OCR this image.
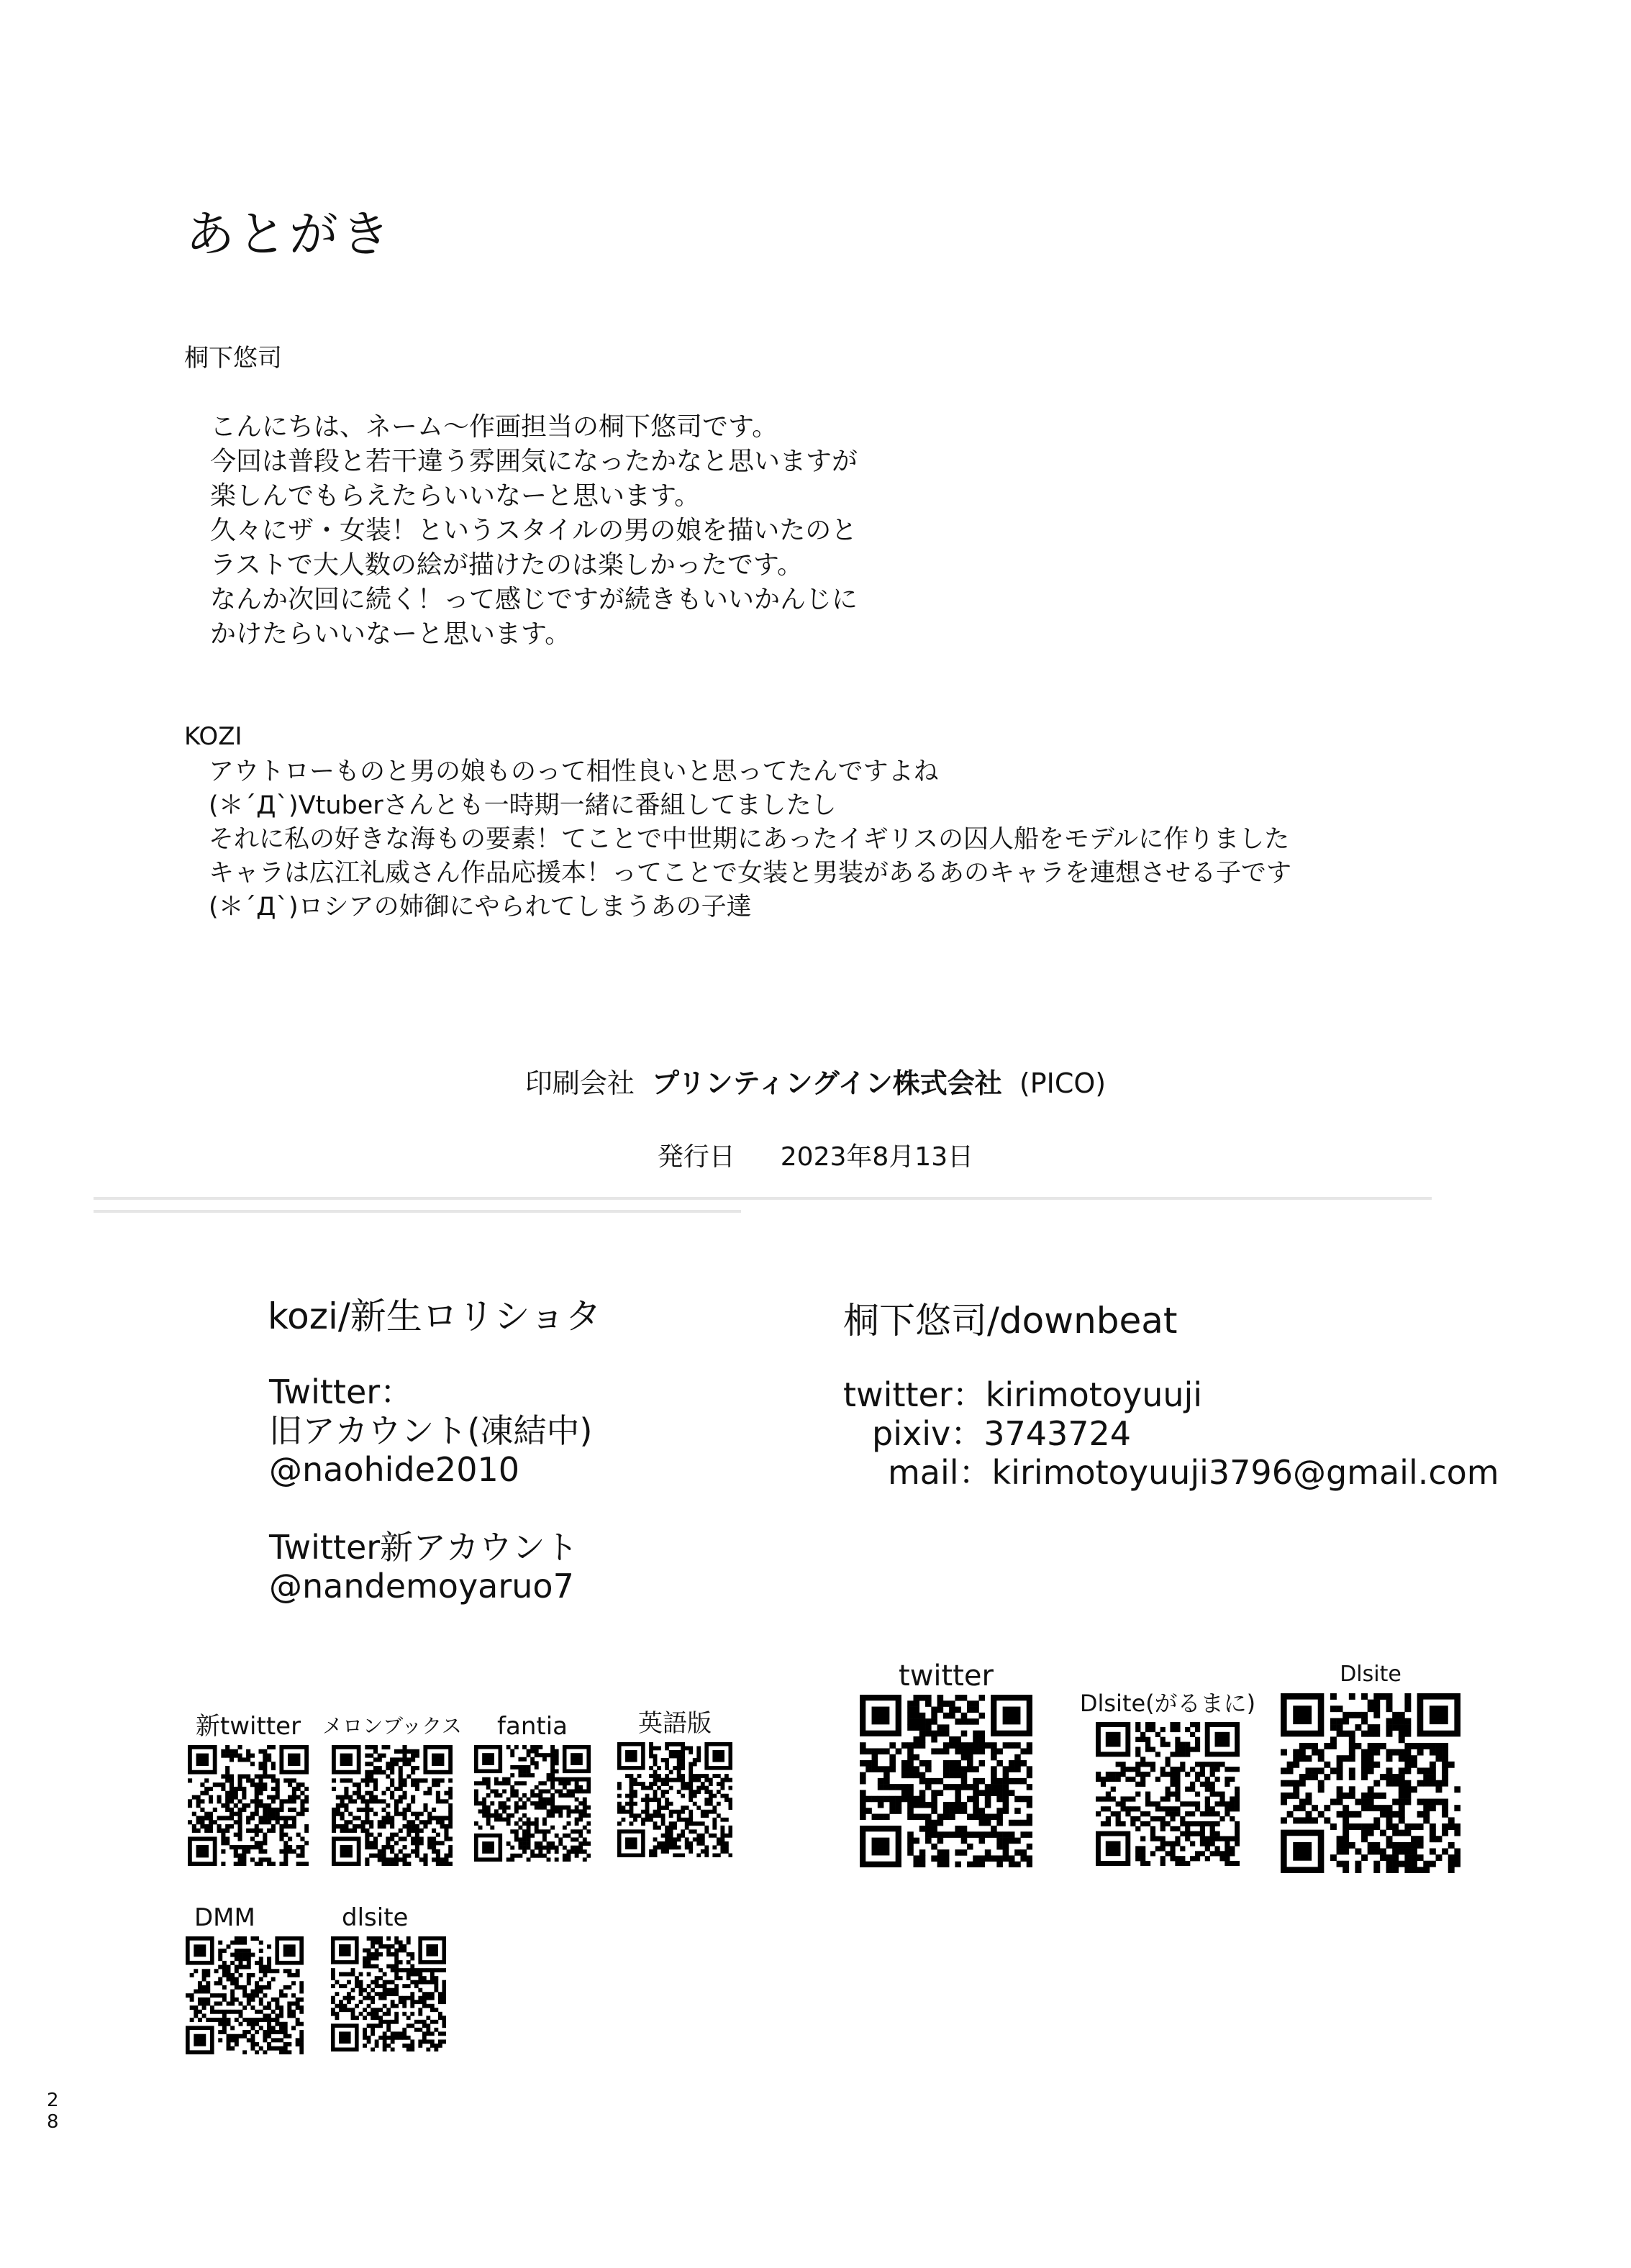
あとがき
桐下悠司
こんにちは、ネーム～作画担当の桐下悠司です。
今回は普段と若干違う雰囲気になったかなと思いますが
楽しんでもらえたらいいなーと思います。
久々にザ・女装！というスタイルの男の娘を描いたのと
ラストで大人数の絵が描けたのは楽しかったです。
なんか次回に続く！って感じですが続きもいいかんじに
かけたらいいなーと思います。
KOZI
アウトローものと男の娘ものって相性良いと思ってたんですよね
(＊´Д`)Vtuberさんとも一時期一緒に番組してましたし
それに私の好きな海もの要素！てことで中世期にあったイギリスの囚人船をモデルに作りました
キャラは広江礼威さん作品応援本！ってことで女装と男装があるあのキャラを連想させる子です
(＊´Д`)ロシアの姉御にやられてしまうあの子達
印刷会社 プリンティングイン株式会社 (PICO)
発行日 2023年8月13日
kozi/新生ロリショタ
Twitter：
旧アカウント(凍結中)
@naohide2010
Twitter新アカウント
@nandemoyaruo7
桐下悠司/downbeat
twitter：kirimotoyuuji
pixiv：3743724
mail：kirimotoyuuji3796@gmail.com
新twitter	メロンブックス	fantia	英語版
DMM	dlsite
twitter
Dlsite(がるまに)
Dlsite
28
